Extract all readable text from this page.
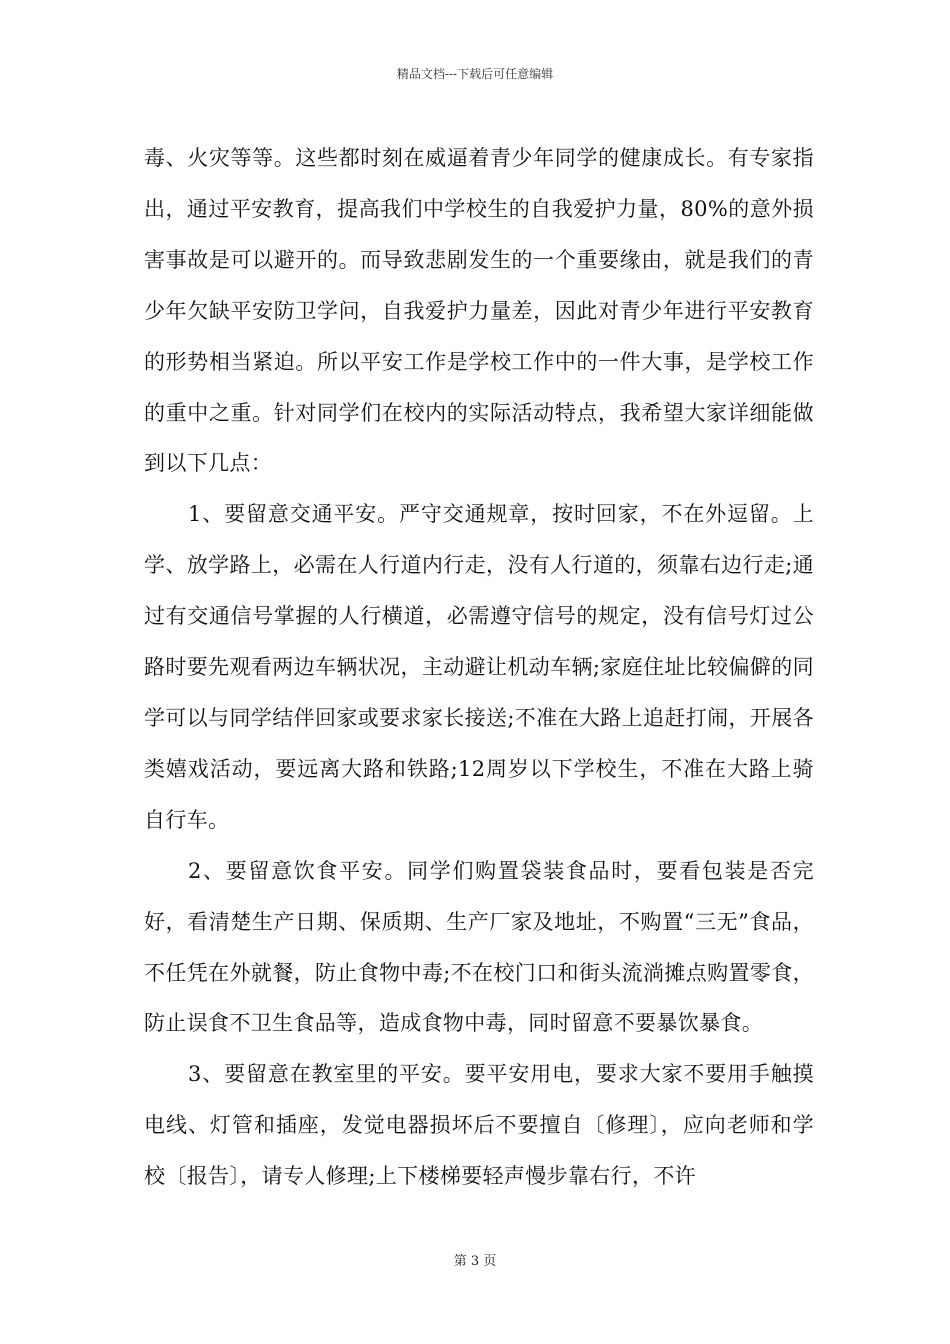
精品文档---下载后可任意编辑

毒、火灾等等。这些都时刻在威逼着青少年同学的健康成长。有专家指出，通过平安教育，提高我们中学校生的自我爱护力量，80%的意外损害事故是可以避开的。而导致悲剧发生的一个重要缘由，就是我们的青少年欠缺平安防卫学问，自我爱护力量差，因此对青少年进行平安教育的形势相当紧迫。所以平安工作是学校工作中的一件大事，是学校工作的重中之重。针对同学们在校内的实际活动特点，我希望大家详细能做到以下几点：

1、要留意交通平安。严守交通规章，按时回家，不在外逗留。上学、放学路上，必需在人行道内行走，没有人行道的，须靠右边行走;通过有交通信号掌握的人行横道，必需遵守信号的规定，没有信号灯过公路时要先观看两边车辆状况，主动避让机动车辆;家庭住址比较偏僻的同学可以与同学结伴回家或要求家长接送;不准在大路上追赶打闹，开展各类嬉戏活动，要远离大路和铁路;12周岁以下学校生，不准在大路上骑自行车。

2、要留意饮食平安。同学们购置袋装食品时，要看包装是否完好，看清楚生产日期、保质期、生产厂家及地址，不购置“三无”食品，不任凭在外就餐，防止食物中毒;不在校门口和街头流淌摊点购置零食，防止误食不卫生食品等，造成食物中毒，同时留意不要暴饮暴食。

3、要留意在教室里的平安。要平安用电，要求大家不要用手触摸电线、灯管和插座，发觉电器损坏后不要擅自〔修理〕，应向老师和学校〔报告〕，请专人修理;上下楼梯要轻声慢步靠右行，不许

第 3 页
